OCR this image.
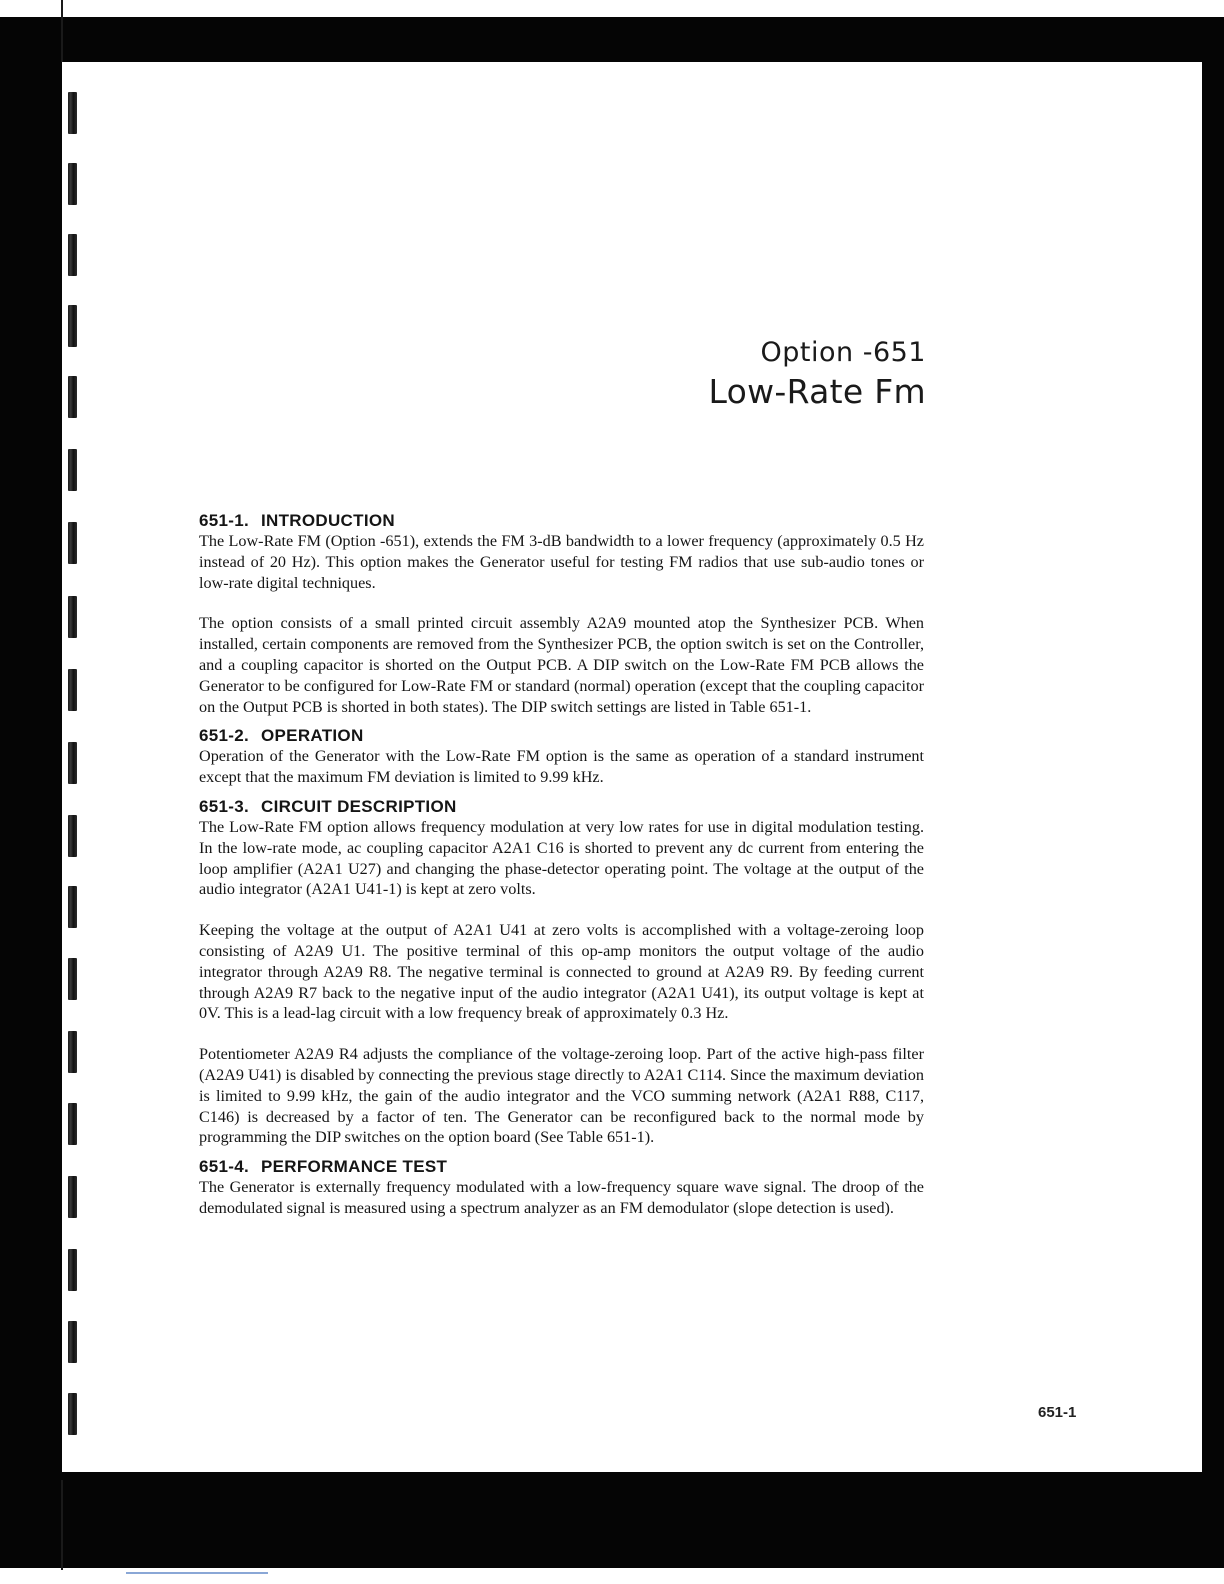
Option -651
Low-Rate Fm
651-1. INTRODUCTION

The Low-Rate FM (Option -651), extends the FM 3-dB bandwidth to a lower frequency (approximately 0.5 Hz instead of 20 Hz). This option makes the Generator useful for testing FM radios that use sub-audio tones or low-rate digital techniques.

The option consists of a small printed circuit assembly A2A9 mounted atop the Synthesizer PCB. When installed, certain components are removed from the Synthesizer PCB, the option switch is set on the Controller, and a coupling capacitor is shorted on the Output PCB. A DIP switch on the Low-Rate FM PCB allows the Generator to be configured for Low-Rate FM or standard (normal) operation (except that the coupling capacitor on the Output PCB is shorted in both states). The DIP switch settings are listed in Table 651-1.

651-2. OPERATION

Operation of the Generator with the Low-Rate FM option is the same as operation of a standard instrument except that the maximum FM deviation is limited to 9.99 kHz.

651-3. CIRCUIT DESCRIPTION

The Low-Rate FM option allows frequency modulation at very low rates for use in digital modulation testing. In the low-rate mode, ac coupling capacitor A2A1 C16 is shorted to prevent any dc current from entering the loop amplifier (A2A1 U27) and changing the phase-detector operating point. The voltage at the output of the audio integrator (A2A1 U41-1) is kept at zero volts.

Keeping the voltage at the output of A2A1 U41 at zero volts is accomplished with a voltage-zeroing loop consisting of A2A9 U1. The positive terminal of this op-amp monitors the output voltage of the audio integrator through A2A9 R8. The negative terminal is connected to ground at A2A9 R9. By feeding current through A2A9 R7 back to the negative input of the audio integrator (A2A1 U41), its output voltage is kept at 0V. This is a lead-lag circuit with a low frequency break of approximately 0.3 Hz.

Potentiometer A2A9 R4 adjusts the compliance of the voltage-zeroing loop. Part of the active high-pass filter (A2A9 U41) is disabled by connecting the previous stage directly to A2A1 C114. Since the maximum deviation is limited to 9.99 kHz, the gain of the audio integrator and the VCO summing network (A2A1 R88, C117, C146) is decreased by a factor of ten. The Generator can be reconfigured back to the normal mode by programming the DIP switches on the option board (See Table 651-1).

651-4. PERFORMANCE TEST

The Generator is externally frequency modulated with a low-frequency square wave signal. The droop of the demodulated signal is measured using a spectrum analyzer as an FM demodulator (slope detection is used).

651-1
